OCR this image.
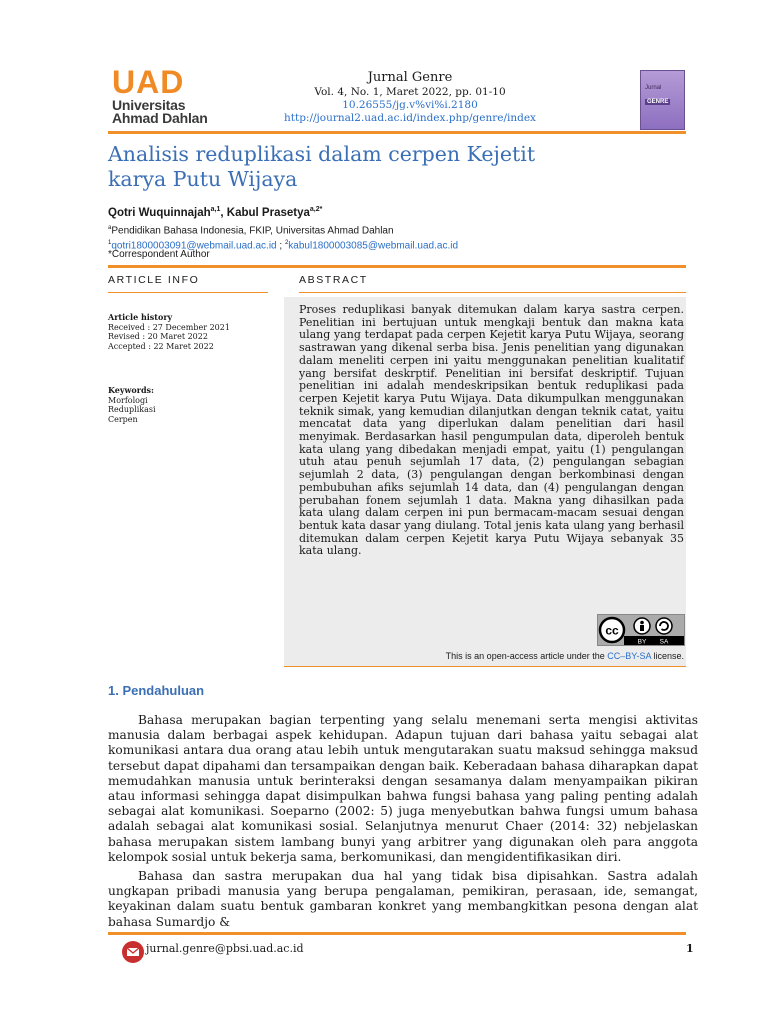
UAD
Universitas
Ahmad Dahlan
Jurnal Genre
Vol. 4, No. 1, Maret 2022, pp. 01-10
10.26555/jg.v%vi%i.2180
http://journal2.uad.ac.id/index.php/genre/index
Jurnal
GENRE
Analisis reduplikasi dalam cerpen Kejetit
karya Putu Wijaya
Qotri Wuquinnajah$^{a,1}$, Kabul Prasetya$^{a,2*}$
$^a$Pendidikan Bahasa Indonesia, FKIP, Universitas Ahmad Dahlan
$^1$qotri1800003091@webmail.uad.ac.id ; $^2$kabul1800003085@webmail.uad.ac.id
*Correspondent Author
ARTICLE INFO	ABSTRACT
Article history
Received : 27 December 2021
Revised : 20 Maret 2022
Accepted : 22 Maret 2022
Keywords:
Morfologi
Reduplikasi
Cerpen
Proses reduplikasi banyak ditemukan dalam karya sastra cerpen. Penelitian ini bertujuan untuk mengkaji bentuk dan makna kata ulang yang terdapat pada cerpen Kejetit karya Putu Wijaya, seorang sastrawan yang dikenal serba bisa. Jenis penelitian yang digunakan dalam meneliti cerpen ini yaitu menggunakan penelitian kualitatif yang bersifat deskrptif. Penelitian ini bersifat deskriptif. Tujuan penelitian ini adalah mendeskripsikan bentuk reduplikasi pada cerpen Kejetit karya Putu Wijaya. Data dikumpulkan menggunakan teknik simak, yang kemudian dilanjutkan dengan teknik catat, yaitu mencatat data yang diperlukan dalam penelitian dari hasil menyimak. Berdasarkan hasil pengumpulan data, diperoleh bentuk kata ulang yang dibedakan menjadi empat, yaitu (1) pengulangan utuh atau penuh sejumlah 17 data, (2) pengulangan sebagian sejumlah 2 data, (3) pengulangan dengan berkombinasi dengan pembubuhan afiks sejumlah 14 data, dan (4) pengulangan dengan perubahan fonem sejumlah 1 data. Makna yang dihasilkan pada kata ulang dalam cerpen ini pun bermacam-macam sesuai dengan bentuk kata dasar yang diulang. Total jenis kata ulang yang berhasil ditemukan dalam cerpen Kejetit karya Putu Wijaya sebanyak 35 kata ulang.
cc
BY SA
This is an open-access article under the CC–BY-SA license.
1. Pendahuluan

Bahasa merupakan bagian terpenting yang selalu menemani serta mengisi aktivitas manusia dalam berbagai aspek kehidupan. Adapun tujuan dari bahasa yaitu sebagai alat komunikasi antara dua orang atau lebih untuk mengutarakan suatu maksud sehingga maksud tersebut dapat dipahami dan tersampaikan dengan baik. Keberadaan bahasa diharapkan dapat memudahkan manusia untuk berinteraksi dengan sesamanya dalam menyampaikan pikiran atau informasi sehingga dapat disimpulkan bahwa fungsi bahasa yang paling penting adalah sebagai alat komunikasi. Soeparno (2002: 5) juga menyebutkan bahwa fungsi umum bahasa adalah sebagai alat komunikasi sosial. Selanjutnya menurut Chaer (2014: 32) nebjelaskan bahasa merupakan sistem lambang bunyi yang arbitrer yang digunakan oleh para anggota kelompok sosial untuk bekerja sama, berkomunikasi, dan mengidentifikasikan diri.

Bahasa dan sastra merupakan dua hal yang tidak bisa dipisahkan. Sastra adalah ungkapan pribadi manusia yang berupa pengalaman, pemikiran, perasaan, ide, semangat, keyakinan dalam suatu bentuk gambaran konkret yang membangkitkan pesona dengan alat bahasa Sumardjo &

jurnal.genre@pbsi.uad.ac.id	1
